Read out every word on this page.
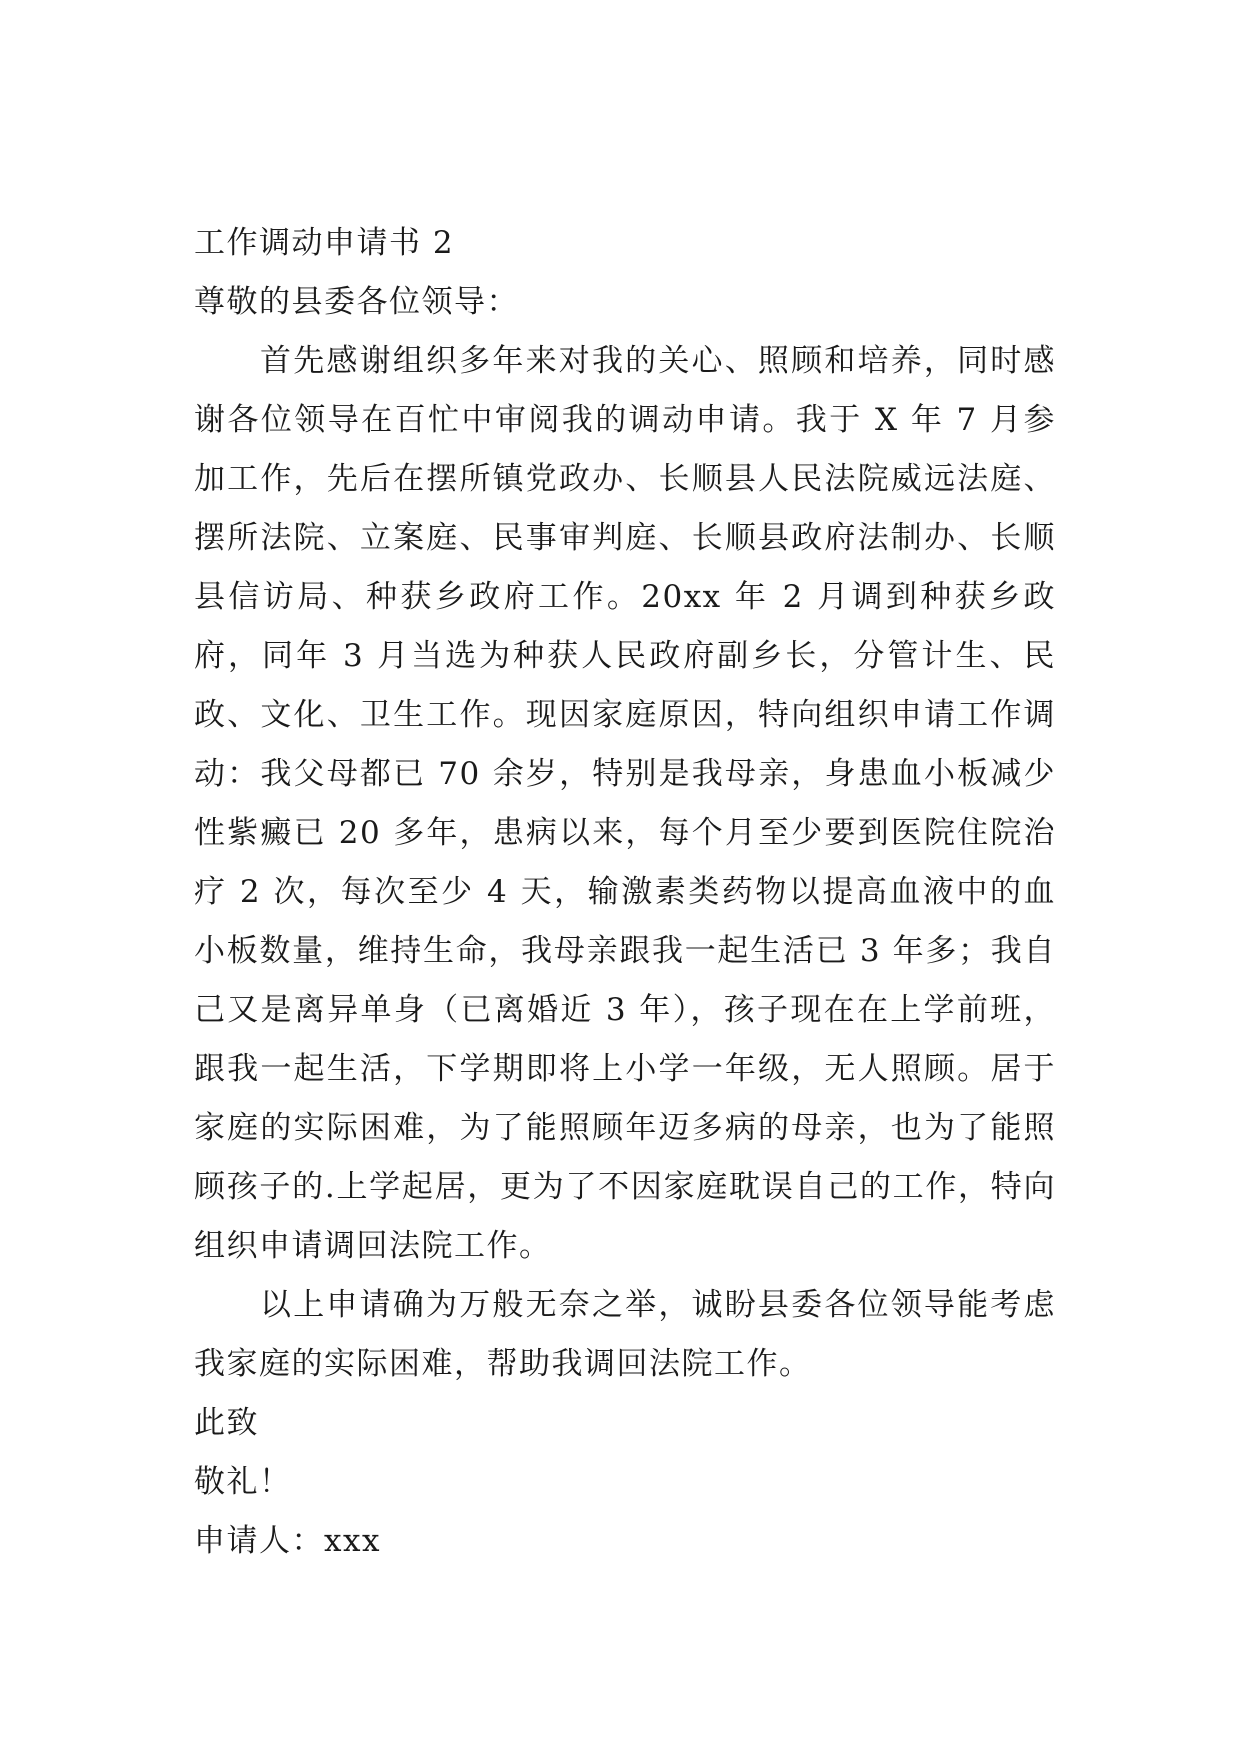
工作调动申请书 2

尊敬的县委各位领导：

首先感谢组织多年来对我的关心、照顾和培养，同时感谢各位领导在百忙中审阅我的调动申请。我于 X 年 7 月参加工作，先后在摆所镇党政办、长顺县人民法院威远法庭、摆所法院、立案庭、民事审判庭、长顺县政府法制办、长顺县信访局、种获乡政府工作。20xx 年 2 月调到种获乡政府，同年 3 月当选为种获人民政府副乡长，分管计生、民政、文化、卫生工作。现因家庭原因，特向组织申请工作调动：我父母都已 70 余岁，特别是我母亲，身患血小板减少性紫癜已 20 多年，患病以来，每个月至少要到医院住院治疗 2 次，每次至少 4 天，输激素类药物以提高血液中的血小板数量，维持生命，我母亲跟我一起生活已 3 年多；我自己又是离异单身（已离婚近 3 年），孩子现在在上学前班，跟我一起生活，下学期即将上小学一年级，无人照顾。居于家庭的实际困难，为了能照顾年迈多病的母亲，也为了能照顾孩子的.上学起居，更为了不因家庭耽误自己的工作，特向组织申请调回法院工作。

以上申请确为万般无奈之举，诚盼县委各位领导能考虑我家庭的实际困难，帮助我调回法院工作。

此致

敬礼！

申请人：xxx
